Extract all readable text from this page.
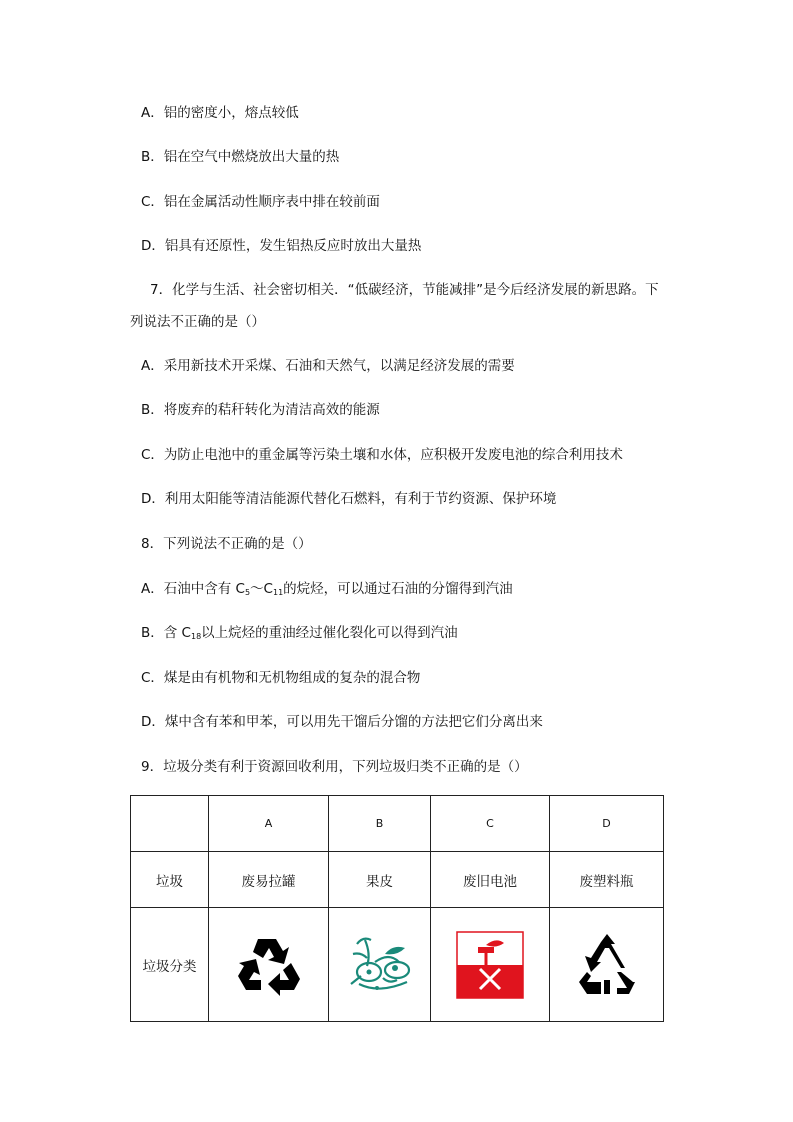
A．铝的密度小，熔点较低
B．铝在空气中燃烧放出大量的热
C．铝在金属活动性顺序表中排在较前面
D．铝具有还原性，发生铝热反应时放出大量热
7．化学与生活、社会密切相关．“低碳经济，节能减排”是今后经济发展的新思路。下
列说法不正确的是（）
A．采用新技术开采煤、石油和天然气，以满足经济发展的需要
B．将废弃的秸秆转化为清洁高效的能源
C．为防止电池中的重金属等污染土壤和水体，应积极开发废电池的综合利用技术
D．利用太阳能等清洁能源代替化石燃料，有利于节约资源、保护环境
8．下列说法不正确的是（）
A．石油中含有 $C_5\sim C_{11}$的烷烃，可以通过石油的分馏得到汽油
B．含 $C_{18}$以上烷烃的重油经过催化裂化可以得到汽油
C．煤是由有机物和无机物组成的复杂的混合物
D．煤中含有苯和甲苯，可以用先干馏后分馏的方法把它们分离出来
9．垃圾分类有利于资源回收利用，下列垃圾归类不正确的是（）
	A	B	C	D
垃圾	废易拉罐	果皮	废旧电池	废塑料瓶
垃圾分类	
